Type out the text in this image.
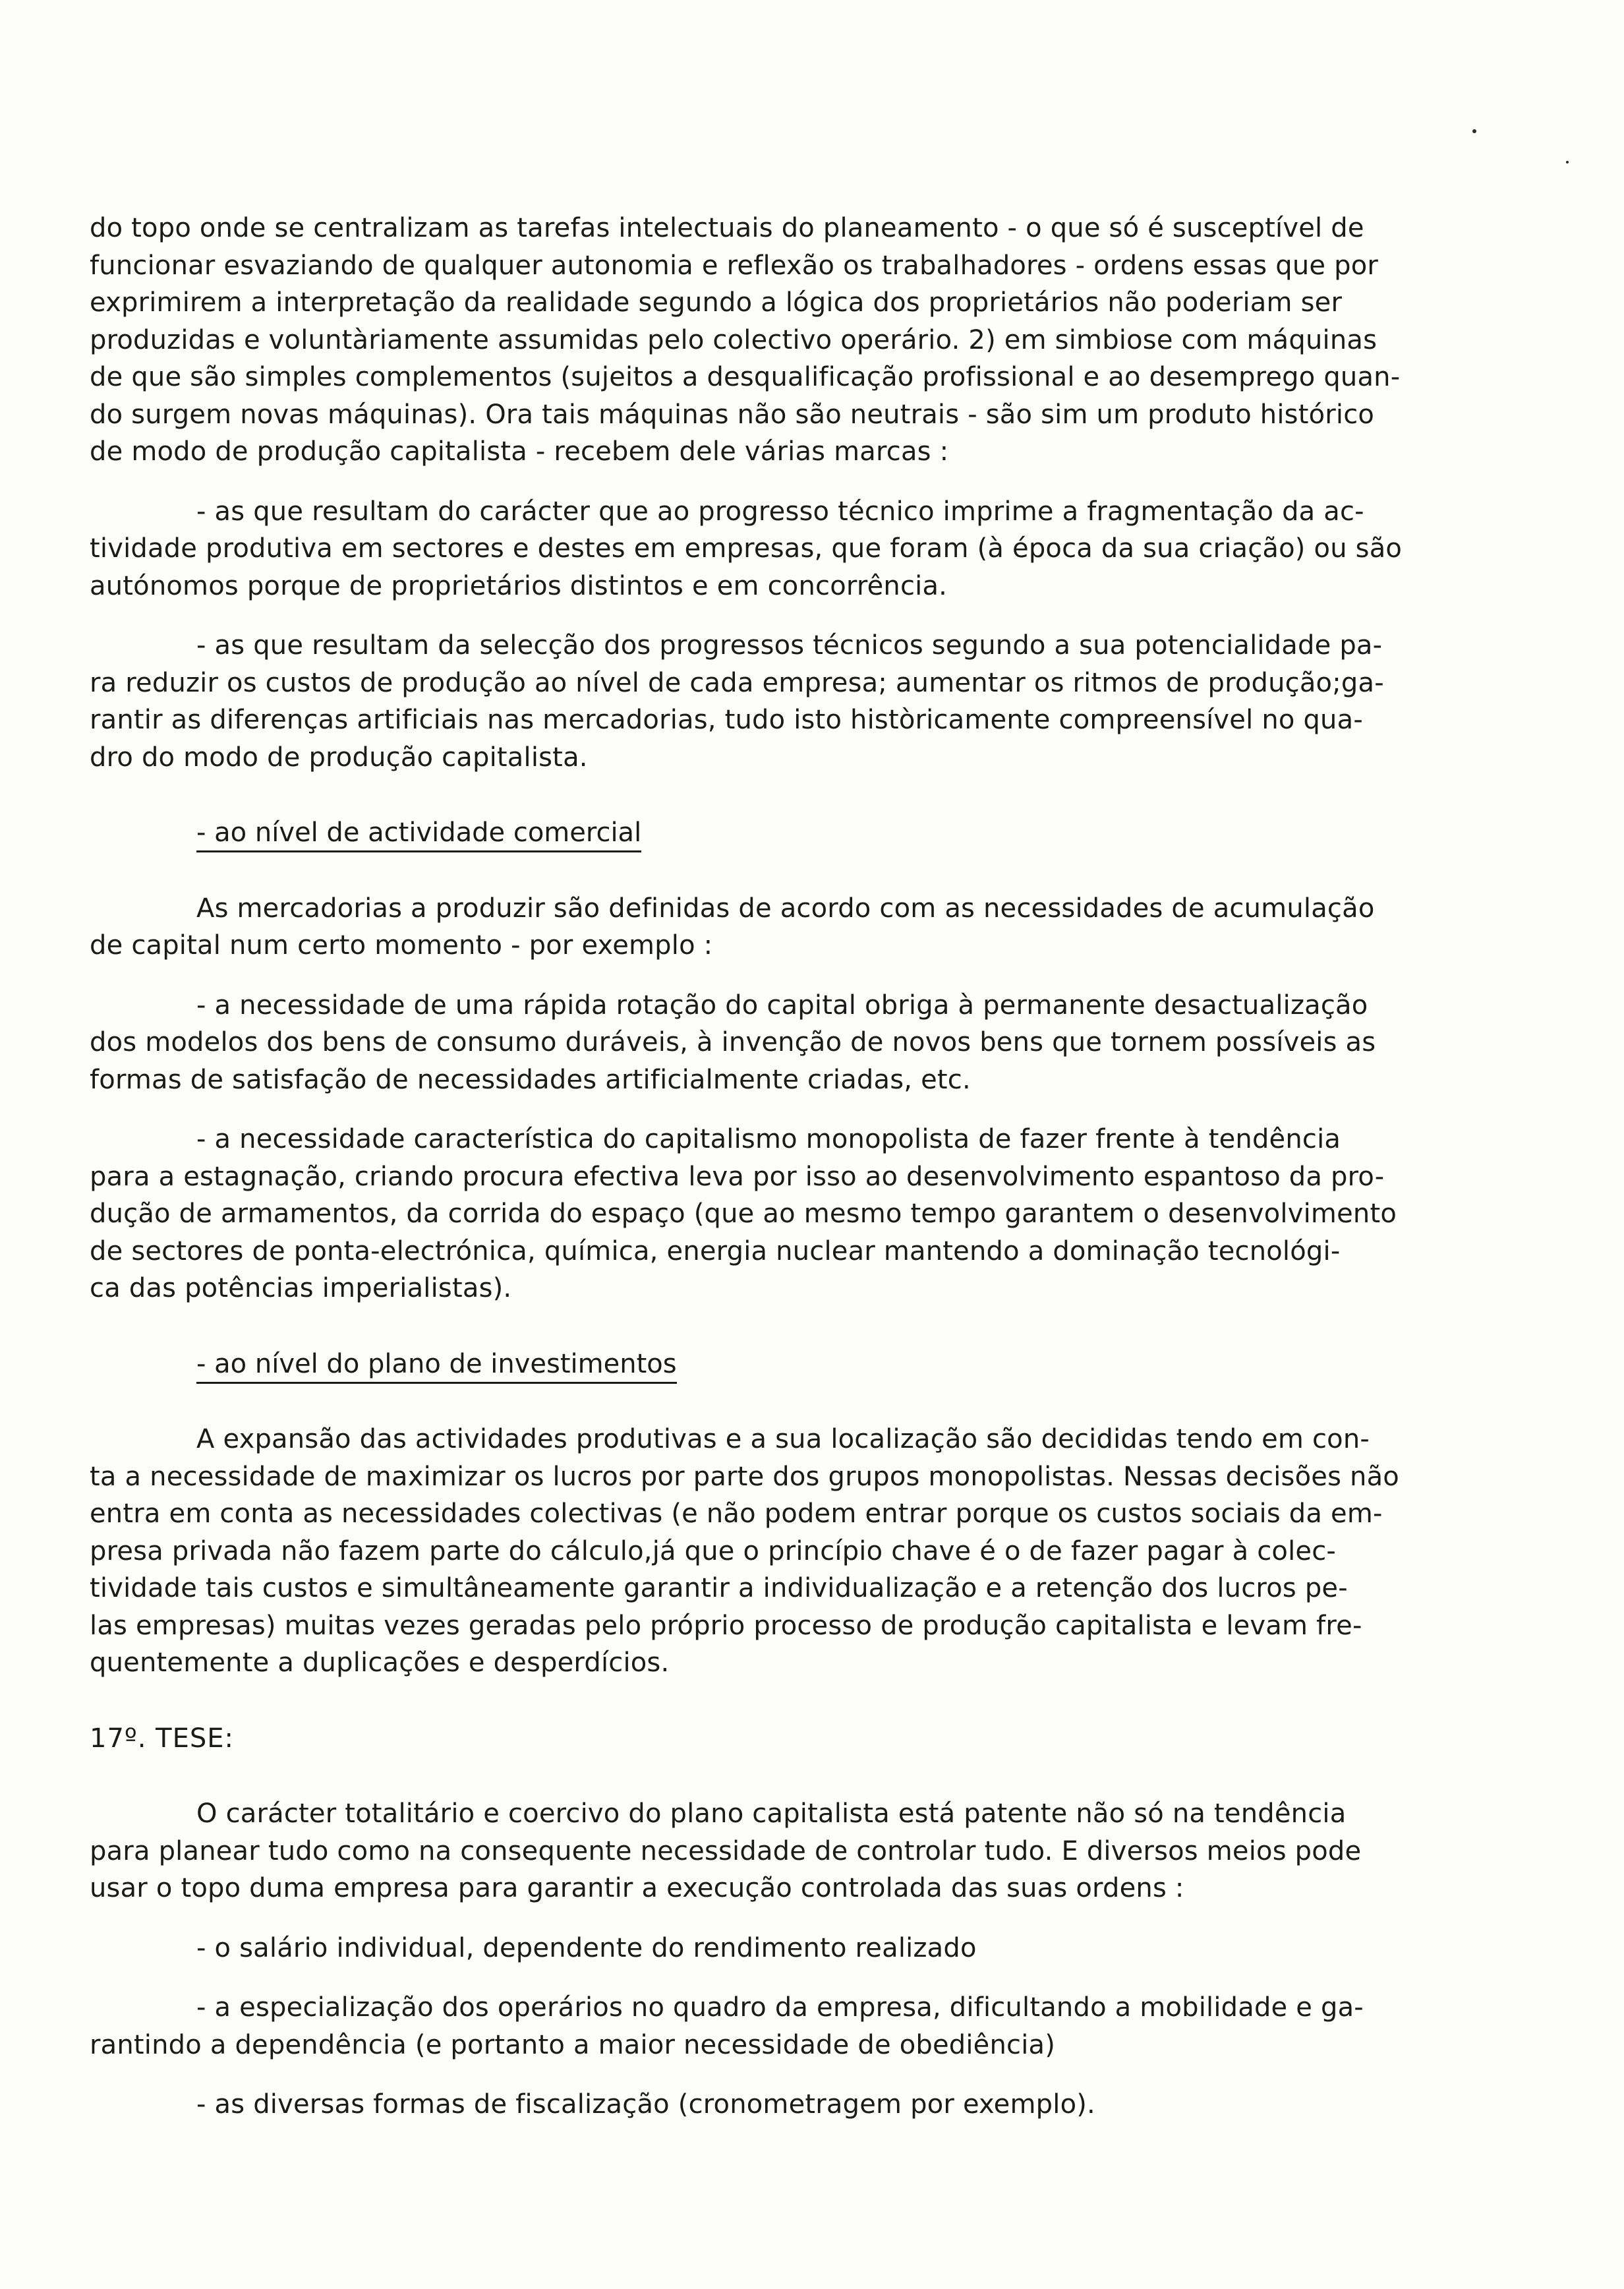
do topo onde se centralizam as tarefas intelectuais do planeamento - o que só é susceptível de
funcionar esvaziando de qualquer autonomia e reflexão os trabalhadores - ordens essas que por
exprimirem a interpretação da realidade segundo a lógica dos proprietários não poderiam ser
produzidas e voluntàriamente assumidas pelo colectivo operário. 2) em simbiose com máquinas
de que são simples complementos (sujeitos a desqualificação profissional e ao desemprego quan-
do surgem novas máquinas). Ora tais máquinas não são neutrais - são sim um produto histórico
de modo de produção capitalista - recebem dele várias marcas :
- as que resultam do carácter que ao progresso técnico imprime a fragmentação da ac-
tividade produtiva em sectores e destes em empresas, que foram (à época da sua criação) ou são
autónomos porque de proprietários distintos e em concorrência.
- as que resultam da selecção dos progressos técnicos segundo a sua potencialidade pa-
ra reduzir os custos de produção ao nível de cada empresa; aumentar os ritmos de produção;ga-
rantir as diferenças artificiais nas mercadorias, tudo isto històricamente compreensível no qua-
dro do modo de produção capitalista.
- ao nível de actividade comercial
As mercadorias a produzir são definidas de acordo com as necessidades de acumulação
de capital num certo momento - por exemplo :
- a necessidade de uma rápida rotação do capital obriga à permanente desactualização
dos modelos dos bens de consumo duráveis, à invenção de novos bens que tornem possíveis as
formas de satisfação de necessidades artificialmente criadas, etc.
- a necessidade característica do capitalismo monopolista de fazer frente à tendência
para a estagnação, criando procura efectiva leva por isso ao desenvolvimento espantoso da pro-
dução de armamentos, da corrida do espaço (que ao mesmo tempo garantem o desenvolvimento
de sectores de ponta-electrónica, química, energia nuclear mantendo a dominação tecnológi-
ca das potências imperialistas).
- ao nível do plano de investimentos
A expansão das actividades produtivas e a sua localização são decididas tendo em con-
ta a necessidade de maximizar os lucros por parte dos grupos monopolistas. Nessas decisões não
entra em conta as necessidades colectivas (e não podem entrar porque os custos sociais da em-
presa privada não fazem parte do cálculo,já que o princípio chave é o de fazer pagar à colec-
tividade tais custos e simultâneamente garantir a individualização e a retenção dos lucros pe-
las empresas) muitas vezes geradas pelo próprio processo de produção capitalista e levam fre-
quentemente a duplicações e desperdícios.
17º. TESE:
O carácter totalitário e coercivo do plano capitalista está patente não só na tendência
para planear tudo como na consequente necessidade de controlar tudo. E diversos meios pode
usar o topo duma empresa para garantir a execução controlada das suas ordens :
- o salário individual, dependente do rendimento realizado
- a especialização dos operários no quadro da empresa, dificultando a mobilidade e ga-
rantindo a dependência (e portanto a maior necessidade de obediência)
- as diversas formas de fiscalização (cronometragem por exemplo).
